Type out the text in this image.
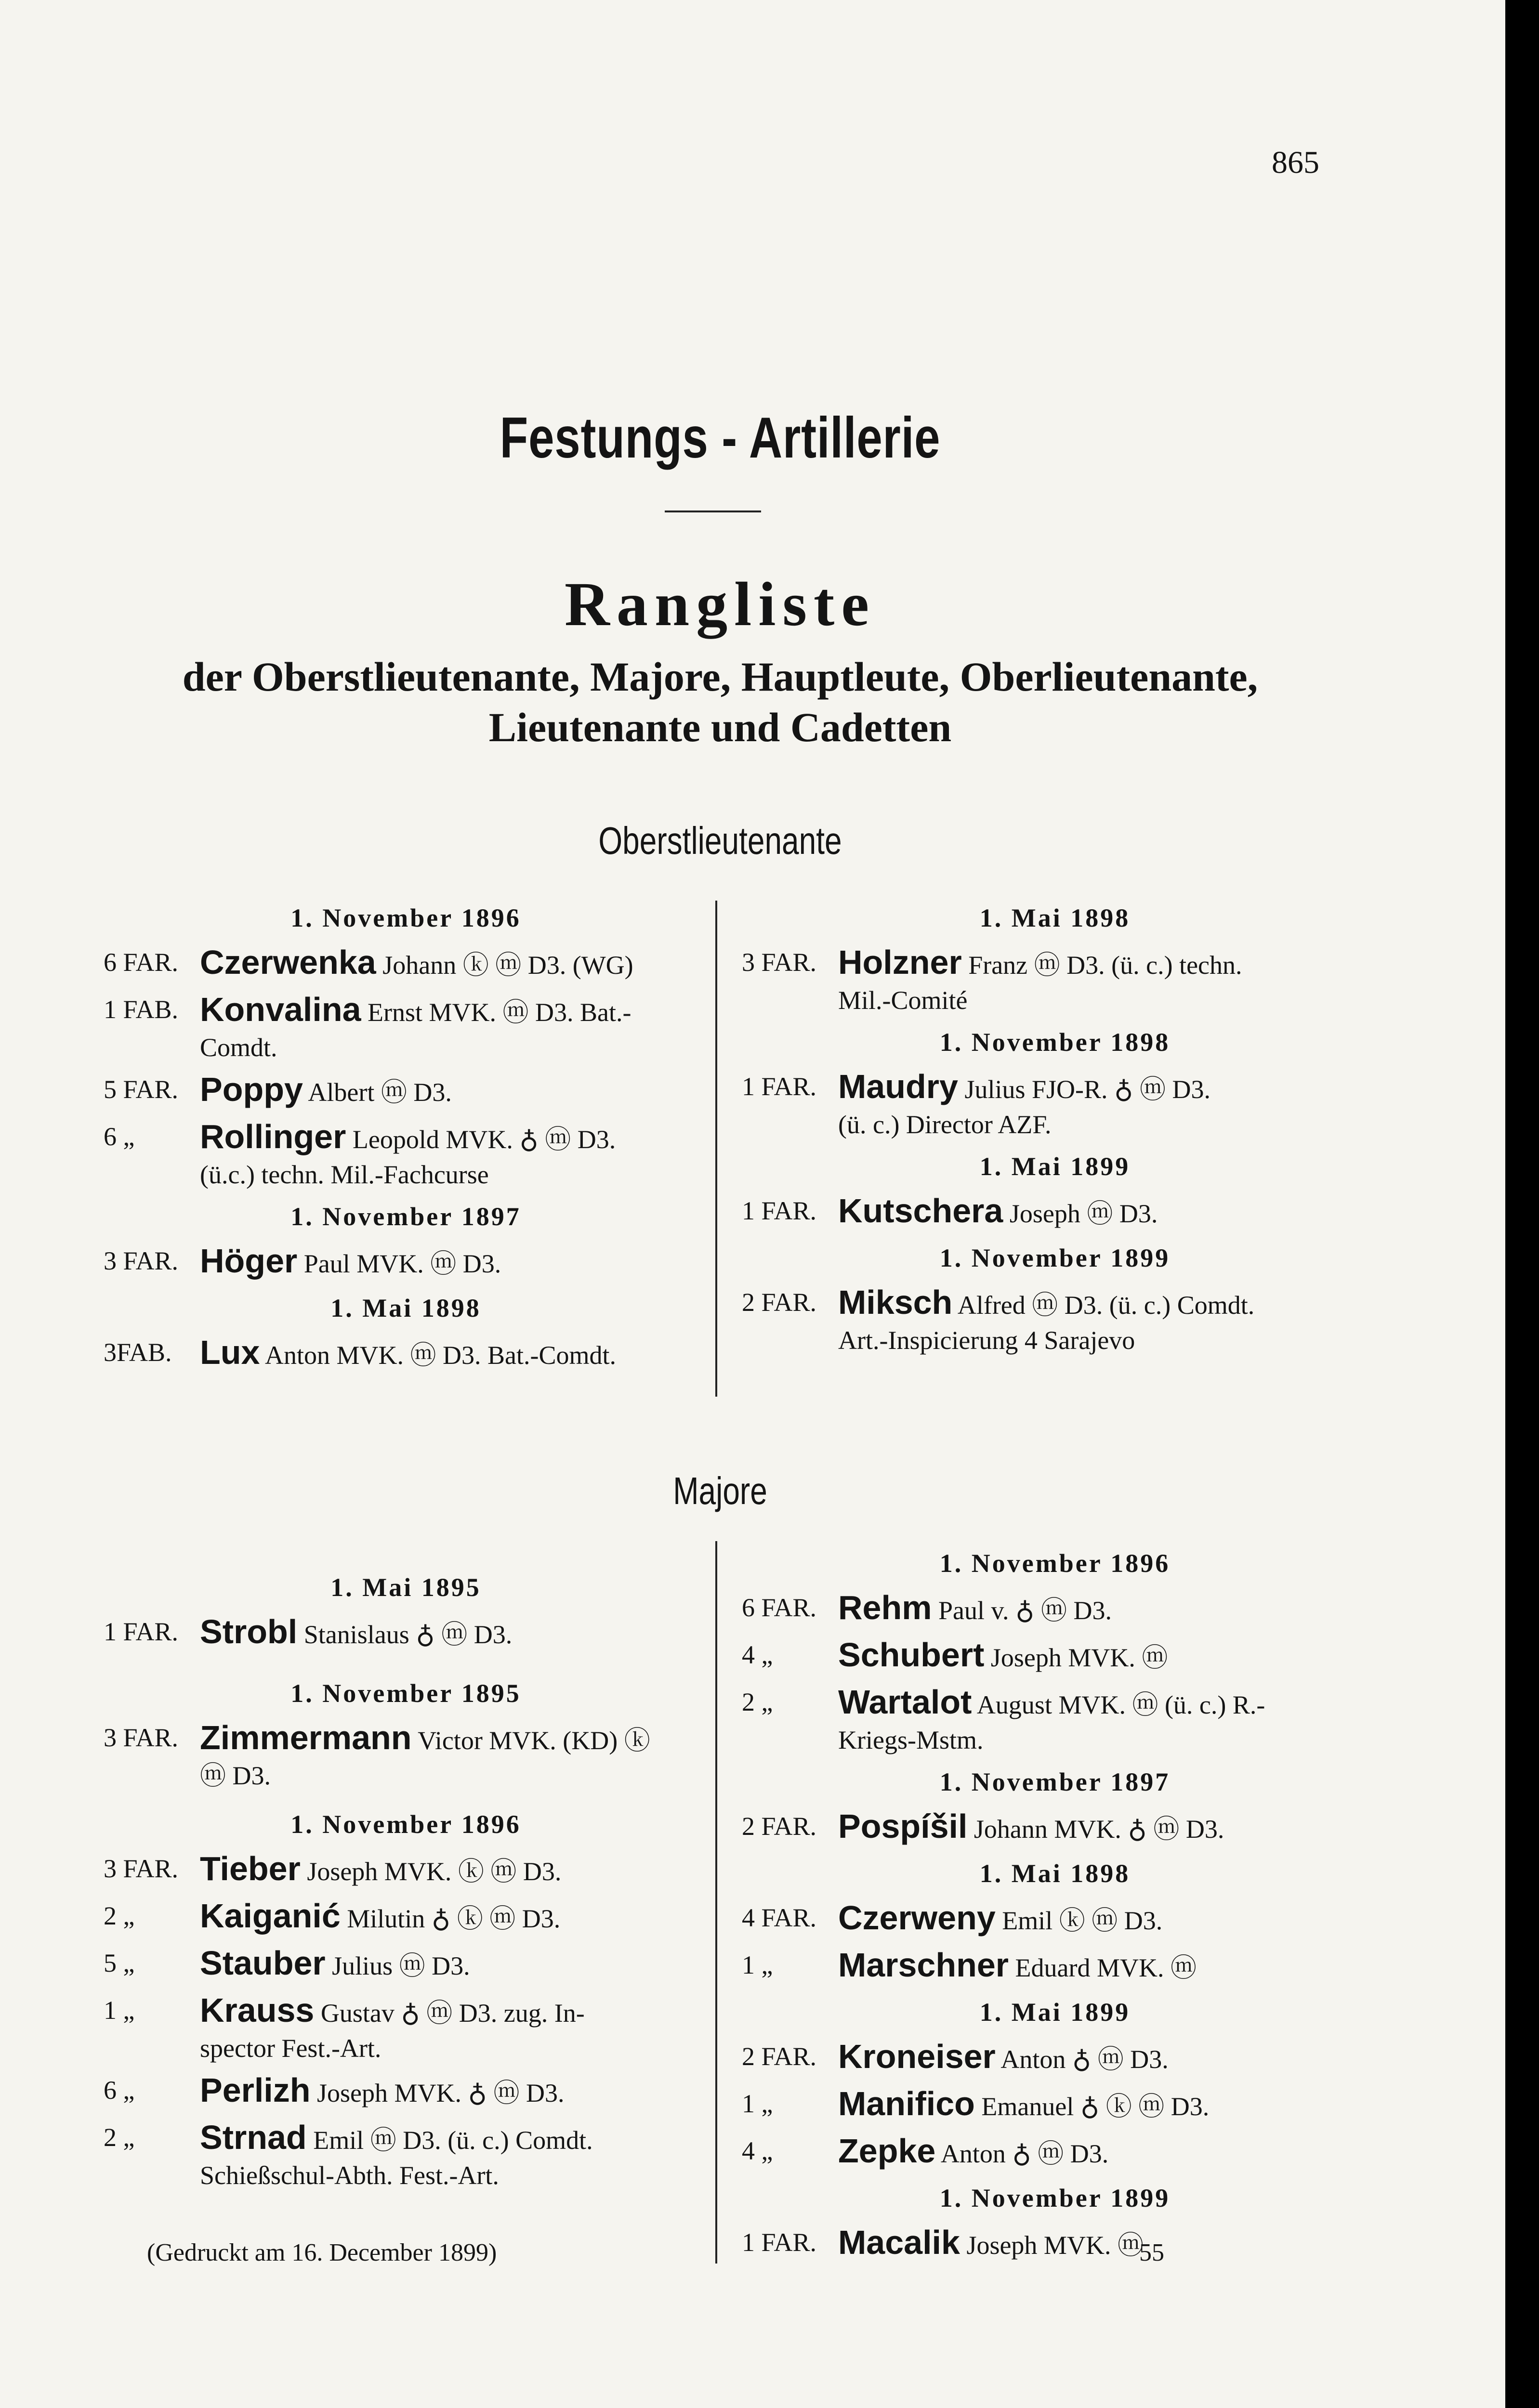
865
Festungs - Artillerie
Rangliste
der Oberstlieutenante, Majore, Hauptleute, Oberlieutenante,
Lieutenante und Cadetten
Oberstlieutenante
1. November 1896
6 FAR. Czerwenka Johann ⓚ ⓜ D3. (WG)
1 FAB. Konvalina Ernst MVK. ⓜ D3. Bat.-
Comdt.
5 FAR. Poppy Albert ⓜ D3.
6 „ Rollinger Leopold MVK. ♁ ⓜ D3.
(ü.c.) techn. Mil.-Fachcurse
1. November 1897
3 FAR. Höger Paul MVK. ⓜ D3.
1. Mai 1898
3FAB. Lux Anton MVK. ⓜ D3. Bat.-Comdt.
1. Mai 1898
3 FAR. Holzner Franz ⓜ D3. (ü. c.) techn.
Mil.-Comité
1. November 1898
1 FAR. Maudry Julius FJO-R. ♁ ⓜ D3.
(ü. c.) Director AZF.
1. Mai 1899
1 FAR. Kutschera Joseph ⓜ D3.
1. November 1899
2 FAR. Miksch Alfred ⓜ D3. (ü. c.) Comdt.
Art.-Inspicierung 4 Sarajevo
Majore
1. Mai 1895
1 FAR. Strobl Stanislaus ♁ ⓜ D3.
1. November 1895
3 FAR. Zimmermann Victor MVK. (KD) ⓚ
ⓜ D3.
1. November 1896
3 FAR. Tieber Joseph MVK. ⓚ ⓜ D3.
2 „ Kaiganić Milutin ♁ ⓚ ⓜ D3.
5 „ Stauber Julius ⓜ D3.
1 „ Krauss Gustav ♁ ⓜ D3. zug. In-
spector Fest.-Art.
6 „ Perlizh Joseph MVK. ♁ ⓜ D3.
2 „ Strnad Emil ⓜ D3. (ü. c.) Comdt.
Schießschul-Abth. Fest.-Art.
1. November 1896
6 FAR. Rehm Paul v. ♁ ⓜ D3.
4 „ Schubert Joseph MVK. ⓜ
2 „ Wartalot August MVK. ⓜ (ü. c.) R.-
Kriegs-Mstm.
1. November 1897
2 FAR. Pospíšil Johann MVK. ♁ ⓜ D3.
1. Mai 1898
4 FAR. Czerweny Emil ⓚ ⓜ D3.
1 „ Marschner Eduard MVK. ⓜ
1. Mai 1899
2 FAR. Kroneiser Anton ♁ ⓜ D3.
1 „ Manifico Emanuel ♁ ⓚ ⓜ D3.
4 „ Zepke Anton ♁ ⓜ D3.
1. November 1899
1 FAR. Macalik Joseph MVK. ⓜ
(Gedruckt am 16. December 1899)	55
